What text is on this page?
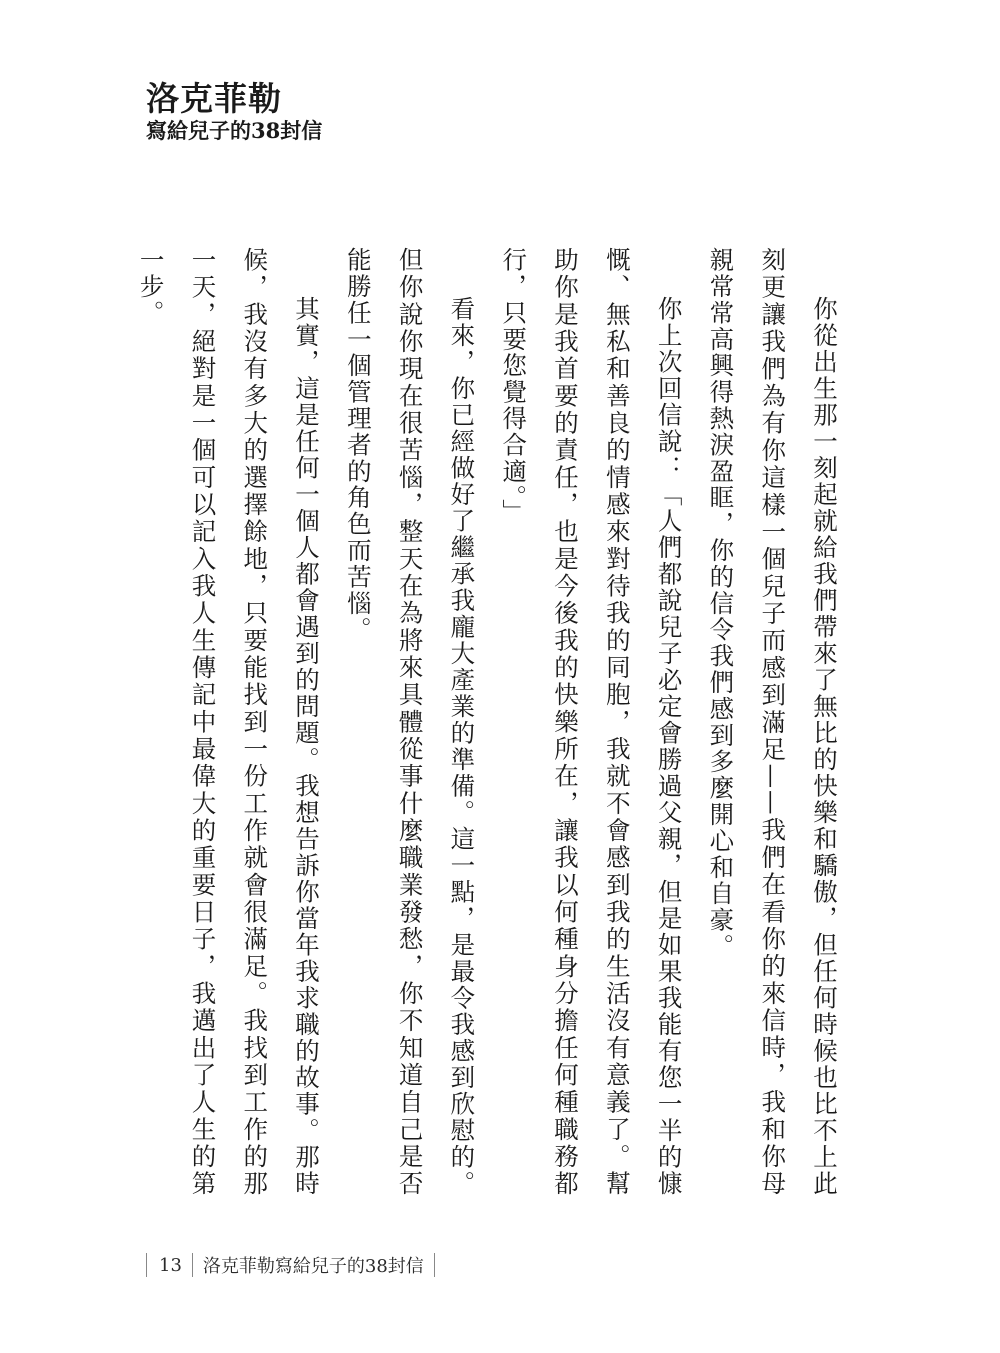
洛克菲勒
寫給兒子的38封信

你從出生那一刻起就給我們帶來了無比的快樂和驕傲，但任何時候也比不上此刻更讓我們為有你這樣一個兒子而感到滿足——我們在看你的來信時，我和你母親常常高興得熱淚盈眶，你的信令我們感到多麼開心和自豪。

你上次回信說：「人們都說兒子必定會勝過父親，但是如果我能有您一半的慷慨、無私和善良的情感來對待我的同胞，我就不會感到我的生活沒有意義了。幫助你是我首要的責任，也是今後我的快樂所在，讓我以何種身分擔任何種職務都行，只要您覺得合適。」

看來，你已經做好了繼承我龐大產業的準備。這一點，是最令我感到欣慰的。但你說你現在很苦惱，整天在為將來具體從事什麼職業發愁，你不知道自己是否能勝任一個管理者的角色而苦惱。

其實，這是任何一個人都會遇到的問題。我想告訴你當年我求職的故事。那時候，我沒有多大的選擇餘地，只要能找到一份工作就會很滿足。我找到工作的那一天，絕對是一個可以記入我人生傳記中最偉大的重要日子，我邁出了人生的第一步。

13	洛克菲勒寫給兒子的38封信
